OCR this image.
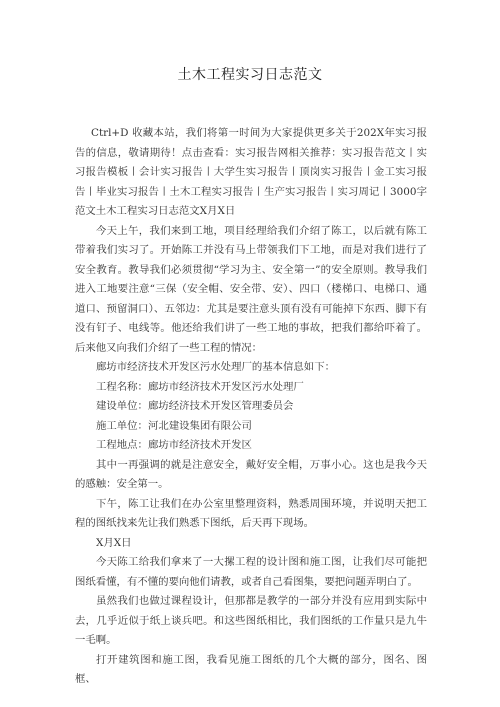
土木工程实习日志范文

Ctrl+D 收藏本站，我们将第一时间为大家提供更多关于202X年实习报告的信息，敬请期待！点击查看：实习报告网相关推荐：实习报告范文丨实习报告模板丨会计实习报告丨大学生实习报告丨顶岗实习报告丨金工实习报告丨毕业实习报告丨土木工程实习报告丨生产实习报告丨实习周记丨3000字范文土木工程实习日志范文X月X日

今天上午，我们来到工地，项目经理给我们介绍了陈工，以后就有陈工带着我们实习了。开始陈工并没有马上带领我们下工地，而是对我们进行了安全教育。教导我们必须贯彻“学习为主、安全第一”的安全原则。教导我们进入工地要注意“三保（安全帽、安全带、安）、四口（楼梯口、电梯口、通道口、预留洞口）、五邻边：尤其是要注意头顶有没有可能掉下东西、脚下有没有钉子、电线等。他还给我们讲了一些工地的事故，把我们都给吓着了。后来他又向我们介绍了一些工程的情况：

廊坊市经济技术开发区污水处理厂的基本信息如下：

工程名称：廊坊市经济技术开发区污水处理厂

建设单位：廊坊经济技术开发区管理委员会

施工单位：河北建设集团有限公司

工程地点：廊坊市经济技术开发区

其中一再强调的就是注意安全，戴好安全帽，万事小心。这也是我今天的感触：安全第一。

下午，陈工让我们在办公室里整理资料，熟悉周围环境，并说明天把工程的图纸找来先让我们熟悉下图纸，后天再下现场。

X月X日

今天陈工给我们拿来了一大摞工程的设计图和施工图，让我们尽可能把图纸看懂，有不懂的要向他们请教，或者自己看图集，要把问题弄明白了。

虽然我们也做过课程设计，但那都是教学的一部分并没有应用到实际中去，几乎近似于纸上谈兵吧。和这些图纸相比，我们图纸的工作量只是九牛一毛啊。

打开建筑图和施工图，我看见施工图纸的几个大概的部分，图名、图框、
